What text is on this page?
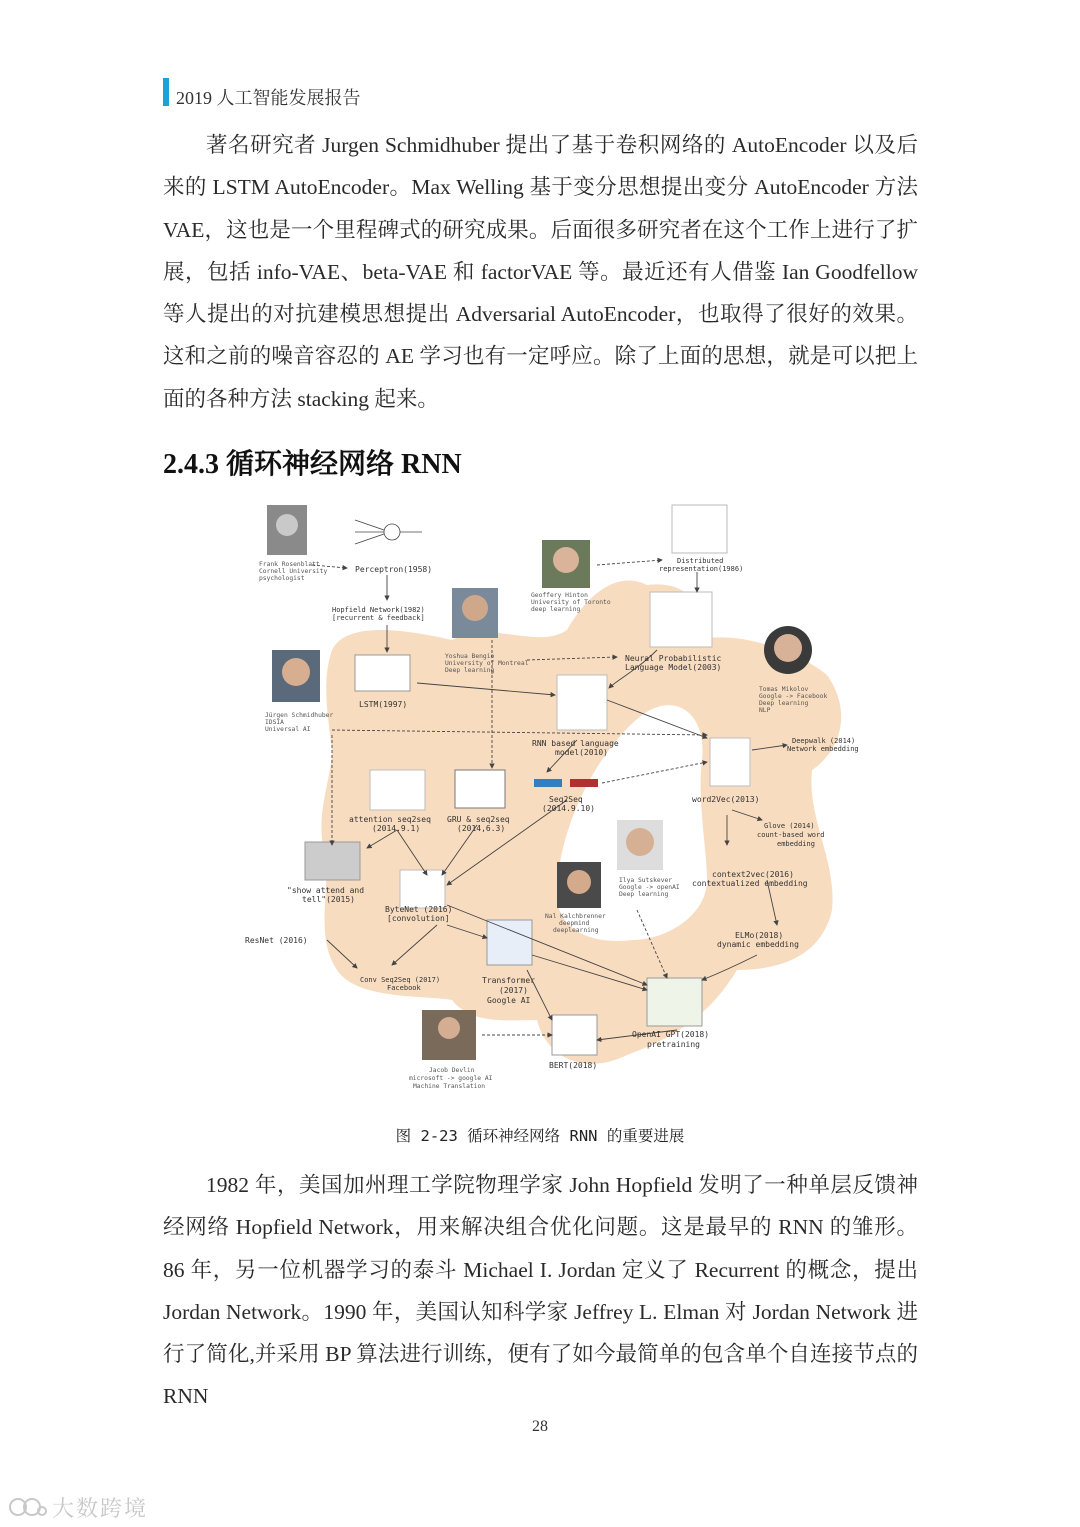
2019 人工智能发展报告

著名研究者 Jurgen Schmidhuber 提出了基于卷积网络的 AutoEncoder 以及后来的 LSTM AutoEncoder。Max Welling 基于变分思想提出变分 AutoEncoder 方法 VAE，这也是一个里程碑式的研究成果。后面很多研究者在这个工作上进行了扩展，包括 info-VAE、beta-VAE 和 factorVAE 等。最近还有人借鉴 Ian Goodfellow 等人提出的对抗建模思想提出 Adversarial AutoEncoder，也取得了很好的效果。这和之前的噪音容忍的 AE 学习也有一定呼应。除了上面的思想，就是可以把上面的各种方法 stacking 起来。

2.4.3 循环神经网络 RNN
Frank Rosenblatt Cornell University psychologist
Geoffery Hinton University of Toronto deep learning
Yoshua Bengio University of Montreal Deep learning
Jürgen Schmidhuber IDSIA Universal AI
Tomas Mikolov Google -> Facebook Deep learning NLP
Ilya Sutskever Google -> openAI Deep learning
Nal Kalchbrenner deepmind deeplearning
Jacob Devlin microsoft -> google AI Machine Translation
Perceptron(1958)
Hopfield Network(1982) [recurrent & feedback]
LSTM(1997)
Distributed representation(1986)
Neural Probabilistic Language Model(2003)
RNN based language model(2010)
Seq2Seq (2014.9.10)
attention seq2seq (2014.9.1)
GRU & seq2seq (2014,6.3)
word2Vec(2013)
Deepwalk (2014) Network embedding
Glove (2014) count-based word embedding
context2vec(2016) contextualized embedding
ELMo(2018) dynamic embedding
"show attend and tell"(2015)
ByteNet (2016) [convolution]
ResNet (2016)
Conv Seq2Seq (2017) Facebook
Transformer (2017) Google AI
OpenAI GPT(2018) pretraining
BERT(2018)
图 2-23 循环神经网络 RNN 的重要进展

1982 年，美国加州理工学院物理学家 John Hopfield 发明了一种单层反馈神经网络 Hopfield Network，用来解决组合优化问题。这是最早的 RNN 的雏形。86 年，另一位机器学习的泰斗 Michael I. Jordan 定义了 Recurrent 的概念，提出 Jordan Network。1990 年，美国认知科学家 Jeffrey L. Elman 对 Jordan Network 进行了简化,并采用 BP 算法进行训练，便有了如今最简单的包含单个自连接节点的 RNN

28
大数跨境
